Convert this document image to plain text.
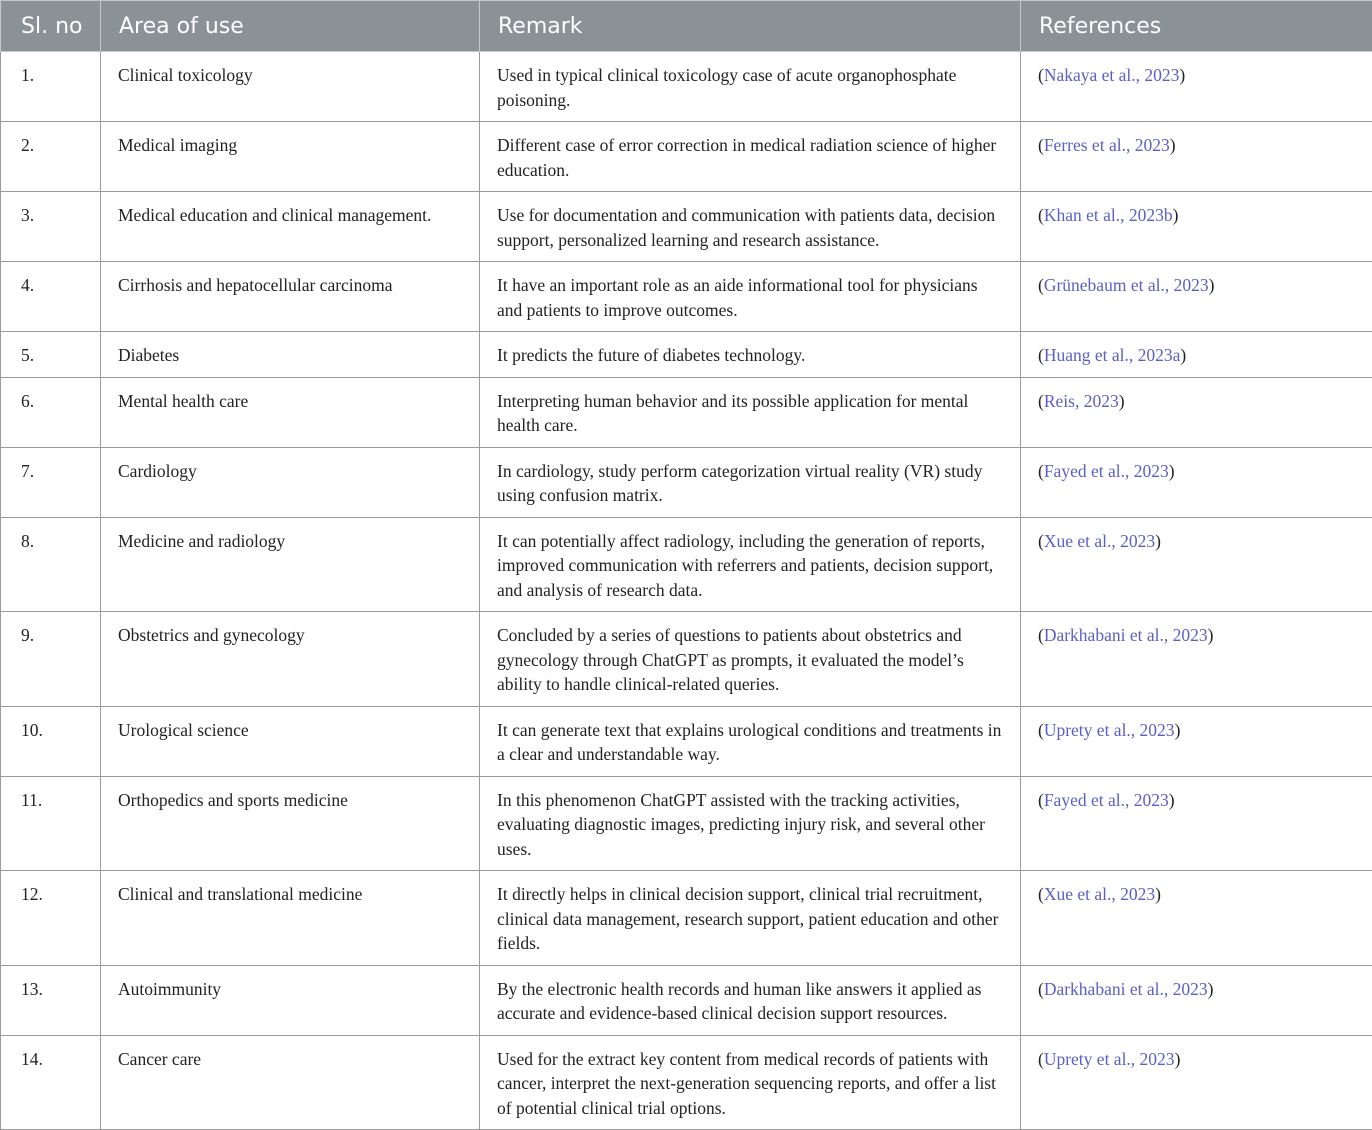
Sl. no	Area of use	Remark	References
1.	Clinical toxicology	Used in typical clinical toxicology case of acute organophosphate poisoning.	(Nakaya et al., 2023)
2.	Medical imaging	Different case of error correction in medical radiation science of higher education.	(Ferres et al., 2023)
3.	Medical education and clinical management.	Use for documentation and communication with patients data, decision support, personalized learning and research assistance.	(Khan et al., 2023b)
4.	Cirrhosis and hepatocellular carcinoma	It have an important role as an aide informational tool for physicians and patients to improve outcomes.	(Grünebaum et al., 2023)
5.	Diabetes	It predicts the future of diabetes technology.	(Huang et al., 2023a)
6.	Mental health care	Interpreting human behavior and its possible application for mental health care.	(Reis, 2023)
7.	Cardiology	In cardiology, study perform categorization virtual reality (VR) study using confusion matrix.	(Fayed et al., 2023)
8.	Medicine and radiology	It can potentially affect radiology, including the generation of reports, improved communication with referrers and patients, decision support, and analysis of research data.	(Xue et al., 2023)
9.	Obstetrics and gynecology	Concluded by a series of questions to patients about obstetrics and gynecology through ChatGPT as prompts, it evaluated the model’s ability to handle clinical-related queries.	(Darkhabani et al., 2023)
10.	Urological science	It can generate text that explains urological conditions and treatments in a clear and understandable way.	(Uprety et al., 2023)
11.	Orthopedics and sports medicine	In this phenomenon ChatGPT assisted with the tracking activities, evaluating diagnostic images, predicting injury risk, and several other uses.	(Fayed et al., 2023)
12.	Clinical and translational medicine	It directly helps in clinical decision support, clinical trial recruitment, clinical data management, research support, patient education and other fields.	(Xue et al., 2023)
13.	Autoimmunity	By the electronic health records and human like answers it applied as accurate and evidence-based clinical decision support resources.	(Darkhabani et al., 2023)
14.	Cancer care	Used for the extract key content from medical records of patients with cancer, interpret the next-generation sequencing reports, and offer a list of potential clinical trial options.	(Uprety et al., 2023)
